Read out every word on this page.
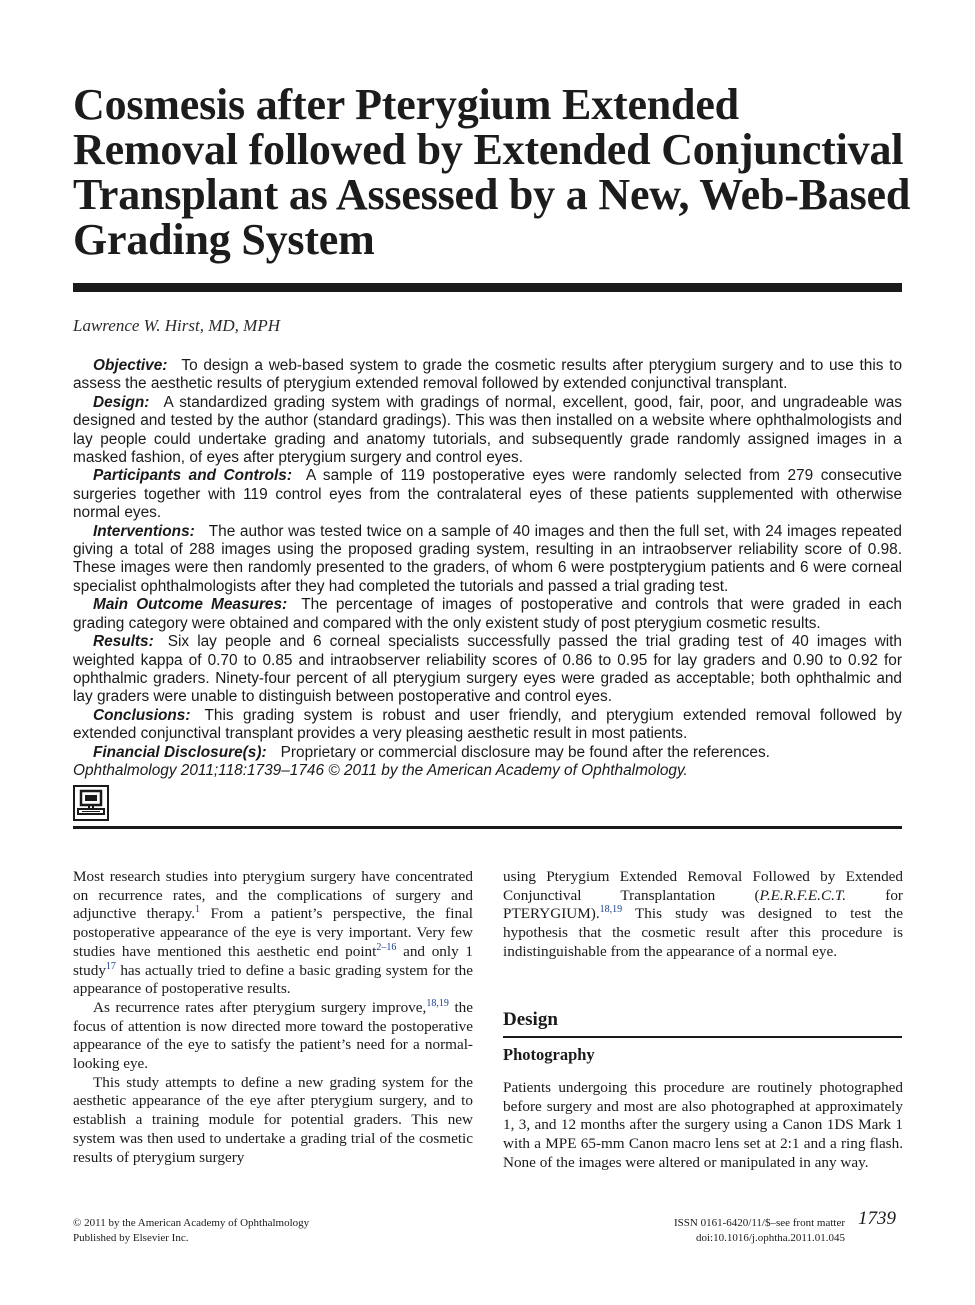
Cosmesis after Pterygium Extended Removal followed by Extended Conjunctival Transplant as Assessed by a New, Web-Based Grading System
Lawrence W. Hirst, MD, MPH

Objective: To design a web-based system to grade the cosmetic results after pterygium surgery and to use this to assess the aesthetic results of pterygium extended removal followed by extended conjunctival transplant.

Design: A standardized grading system with gradings of normal, excellent, good, fair, poor, and ungradeable was designed and tested by the author (standard gradings). This was then installed on a website where ophthalmologists and lay people could undertake grading and anatomy tutorials, and subsequently grade randomly assigned images in a masked fashion, of eyes after pterygium surgery and control eyes.

Participants and Controls: A sample of 119 postoperative eyes were randomly selected from 279 consecutive surgeries together with 119 control eyes from the contralateral eyes of these patients supplemented with otherwise normal eyes.

Interventions: The author was tested twice on a sample of 40 images and then the full set, with 24 images repeated giving a total of 288 images using the proposed grading system, resulting in an intraobserver reliability score of 0.98. These images were then randomly presented to the graders, of whom 6 were postpterygium patients and 6 were corneal specialist ophthalmologists after they had completed the tutorials and passed a trial grading test.

Main Outcome Measures: The percentage of images of postoperative and controls that were graded in each grading category were obtained and compared with the only existent study of post pterygium cosmetic results.

Results: Six lay people and 6 corneal specialists successfully passed the trial grading test of 40 images with weighted kappa of 0.70 to 0.85 and intraobserver reliability scores of 0.86 to 0.95 for lay graders and 0.90 to 0.92 for ophthalmic graders. Ninety-four percent of all pterygium surgery eyes were graded as acceptable; both ophthalmic and lay graders were unable to distinguish between postoperative and control eyes.

Conclusions: This grading system is robust and user friendly, and pterygium extended removal followed by extended conjunctival transplant provides a very pleasing aesthetic result in most patients.

Financial Disclosure(s): Proprietary or commercial disclosure may be found after the references.

Ophthalmology 2011;118:1739–1746 © 2011 by the American Academy of Ophthalmology.

Most research studies into pterygium surgery have concentrated on recurrence rates, and the complications of surgery and adjunctive therapy.$^1$ From a patient’s perspective, the final postoperative appearance of the eye is very important. Very few studies have mentioned this aesthetic end point$^{2-16}$ and only 1 study$^{17}$ has actually tried to define a basic grading system for the appearance of postoperative results.

As recurrence rates after pterygium surgery improve,$^{18,19}$ the focus of attention is now directed more toward the postoperative appearance of the eye to satisfy the patient’s need for a normal-looking eye.

This study attempts to define a new grading system for the aesthetic appearance of the eye after pterygium surgery, and to establish a training module for potential graders. This new system was then used to undertake a grading trial of the cosmetic results of pterygium surgery

using Pterygium Extended Removal Followed by Extended Conjunctival Transplantation (P.E.R.F.E.C.T. for PTERYGIUM).$^{18,19}$ This study was designed to test the hypothesis that the cosmetic result after this procedure is indistinguishable from the appearance of a normal eye.

Design
Photography

Patients undergoing this procedure are routinely photographed before surgery and most are also photographed at approximately 1, 3, and 12 months after the surgery using a Canon 1DS Mark 1 with a MPE 65-mm Canon macro lens set at 2:1 and a ring flash. None of the images were altered or manipulated in any way.

© 2011 by the American Academy of Ophthalmology
Published by Elsevier Inc.
ISSN 0161-6420/11/$–see front matter
doi:10.1016/j.ophtha.2011.01.045
1739
